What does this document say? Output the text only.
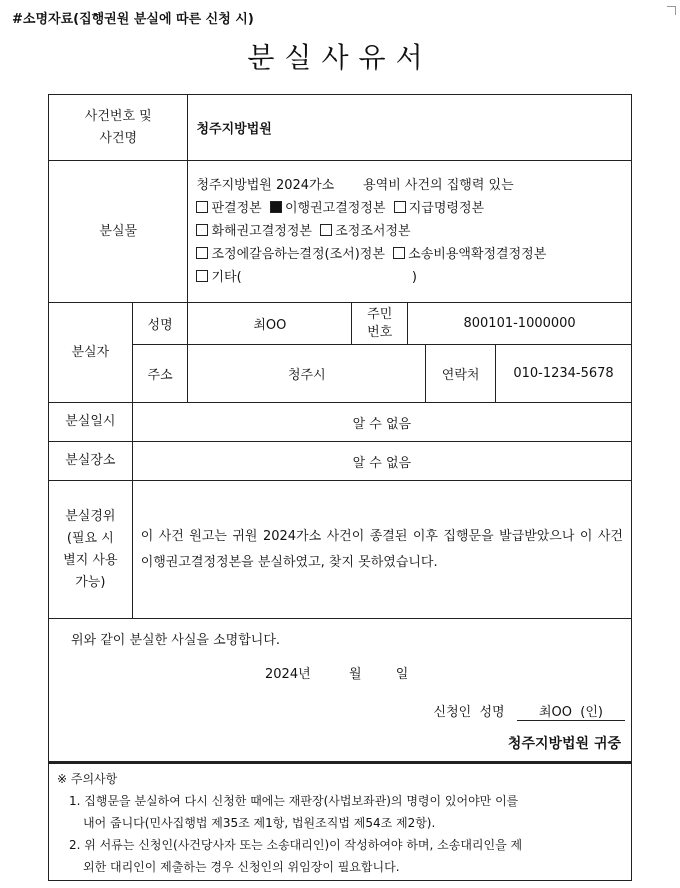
#소명자료(집행권원 분실에 따른 신청 시)
분실사유서
사건번호 및
사건명		청주지방법원				
분실물		청주지방법원 2024가소       용역비 사건의 집행력 있는
판결정본 이행권고결정정본 지급명령정본
화해권고결정정본 조정조서정본
조정에갈음하는결정(조서)정본 소송비용액확정결정정본
기타( )				

분실자	성명	최OO	주민
번호	800101-1000000		
	주소	청주시			연락처	010-1234-5678
분실일시	알 수 없음					
분실장소	알 수 없음					

분실경위
(필요 시
별지 사용
가능)	이 사건 원고는 귀원 2024가소 사건이 종결된 이후 집행문을 발급받았으나 이 사건 이행권고결정정본을 분실하였고, 찾지 못하였습니다.					

위와 같이 분실한 사실을 소명합니다.
2024년 월 일
신청인  성명 최OO  (인)
청주지방법원 귀중						

※ 주의사항

1. 집행문을 분실하여 다시 신청한 때에는 재판장(사법보좌관)의 명령이 있어야만 이를

내어 줍니다(민사집행법 제35조 제1항, 법원조직법 제54조 제2항).

2. 위 서류는 신청인(사건당사자 또는 소송대리인)이 작성하여야 하며, 소송대리인을 제

외한 대리인이 제출하는 경우 신청인의 위임장이 필요합니다.
